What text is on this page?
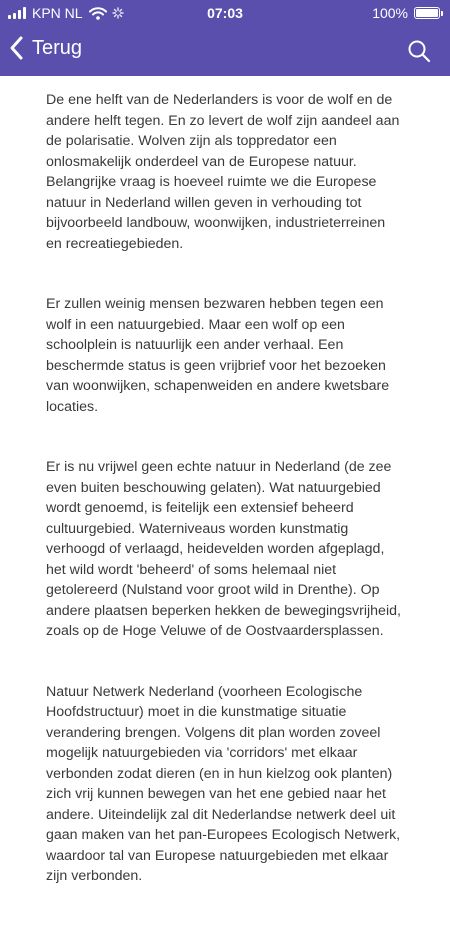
KPN NL	07:03	100%
Terug

De ene helft van de Nederlanders is voor de wolf en de andere helft tegen. En zo levert de wolf zijn aandeel aan de polarisatie. Wolven zijn als toppredator een onlosmakelijk onderdeel van de Europese natuur. Belangrijke vraag is hoeveel ruimte we die Europese natuur in Nederland willen geven in verhouding tot bijvoorbeeld landbouw, woonwijken, industrieterreinen en recreatiegebieden.

Er zullen weinig mensen bezwaren hebben tegen een wolf in een natuurgebied. Maar een wolf op een schoolplein is natuurlijk een ander verhaal. Een beschermde status is geen vrijbrief voor het bezoeken van woonwijken, schapenweiden en andere kwetsbare locaties.

Er is nu vrijwel geen echte natuur in Nederland (de zee even buiten beschouwing gelaten). Wat natuurgebied wordt genoemd, is feitelijk een extensief beheerd cultuurgebied. Waterniveaus worden kunstmatig verhoogd of verlaagd, heidevelden worden afgeplagd, het wild wordt 'beheerd' of soms helemaal niet getolereerd (Nulstand voor groot wild in Drenthe). Op andere plaatsen beperken hekken de bewegingsvrijheid, zoals op de Hoge Veluwe of de Oostvaardersplassen.

Natuur Netwerk Nederland (voorheen Ecologische Hoofdstructuur) moet in die kunstmatige situatie verandering brengen. Volgens dit plan worden zoveel mogelijk natuurgebieden via 'corridors' met elkaar verbonden zodat dieren (en in hun kielzog ook planten) zich vrij kunnen bewegen van het ene gebied naar het andere. Uiteindelijk zal dit Nederlandse netwerk deel uit gaan maken van het pan-Europees Ecologisch Netwerk, waardoor tal van Europese natuurgebieden met elkaar zijn verbonden.
